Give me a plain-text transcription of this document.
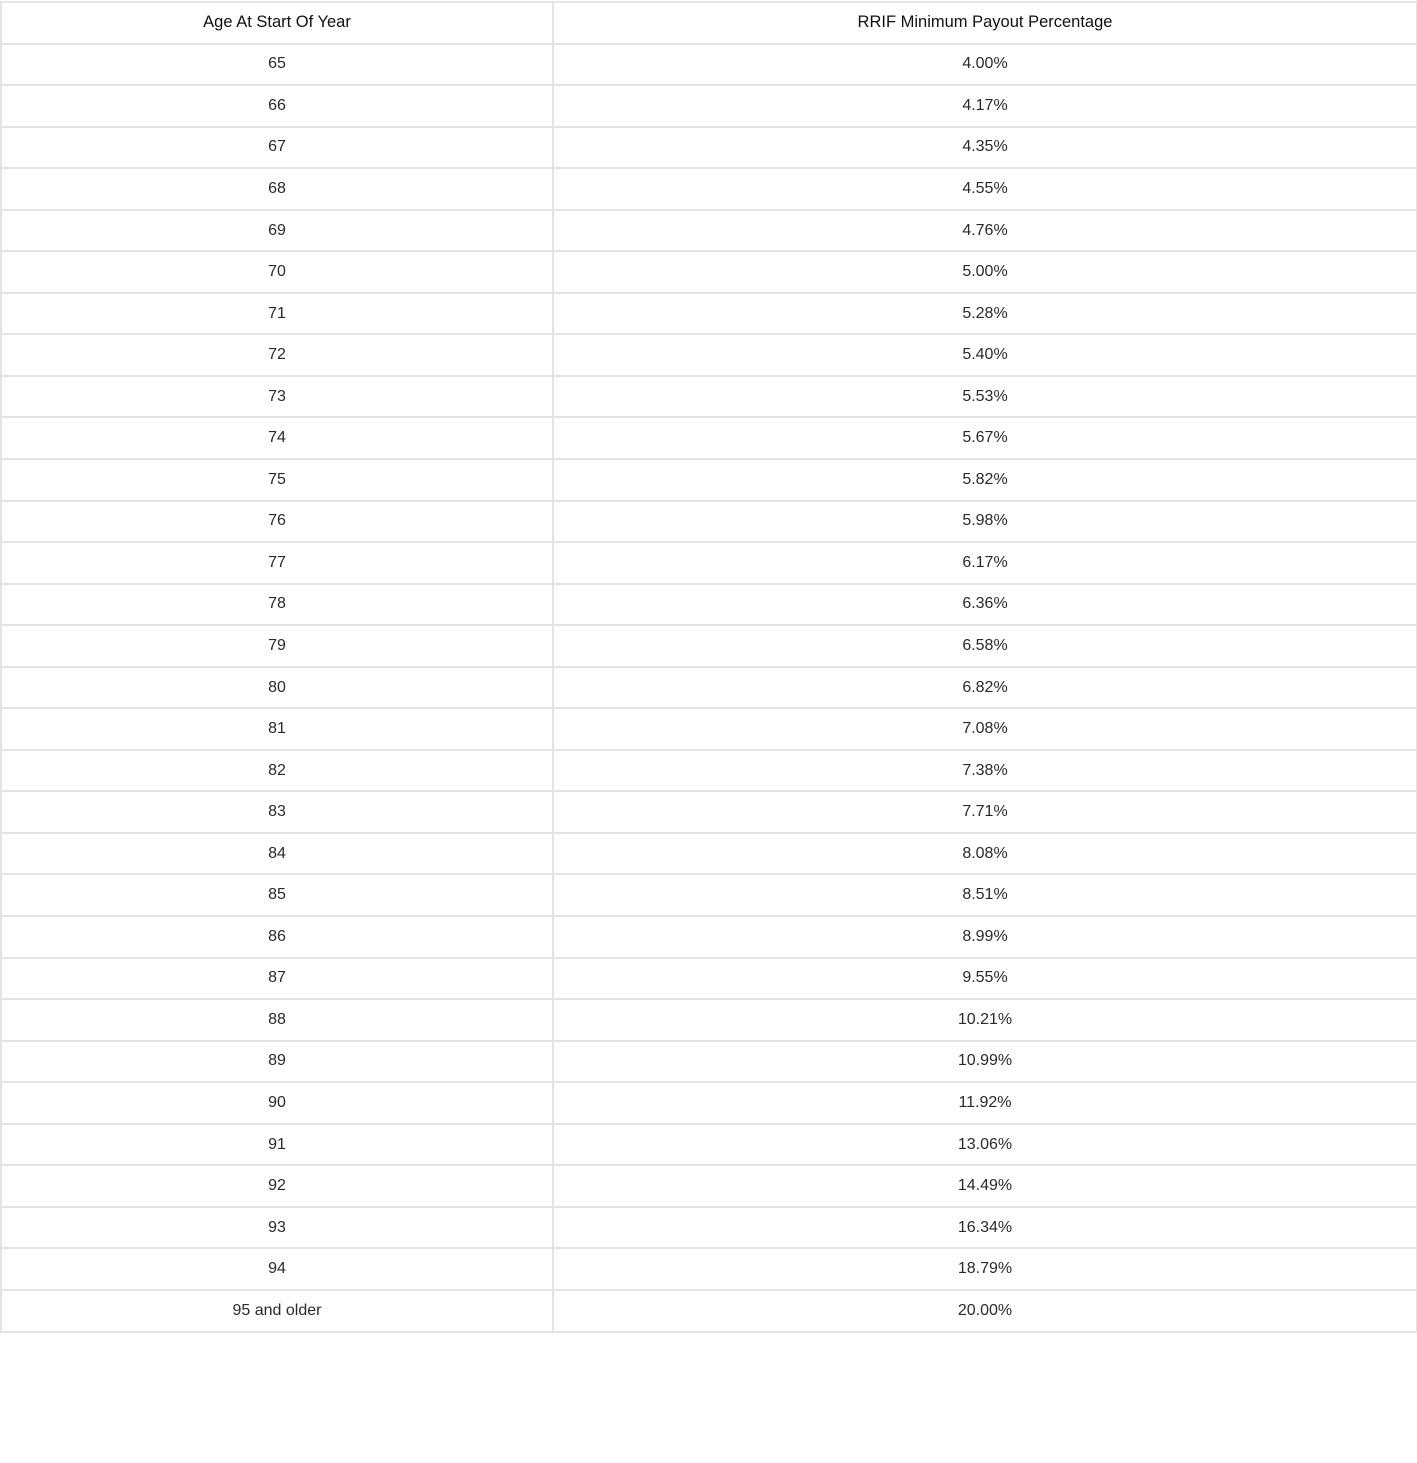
Age At Start Of Year	RRIF Minimum Payout Percentage
65	4.00%
66	4.17%
67	4.35%
68	4.55%
69	4.76%
70	5.00%
71	5.28%
72	5.40%
73	5.53%
74	5.67%
75	5.82%
76	5.98%
77	6.17%
78	6.36%
79	6.58%
80	6.82%
81	7.08%
82	7.38%
83	7.71%
84	8.08%
85	8.51%
86	8.99%
87	9.55%
88	10.21%
89	10.99%
90	11.92%
91	13.06%
92	14.49%
93	16.34%
94	18.79%
95 and older	20.00%
